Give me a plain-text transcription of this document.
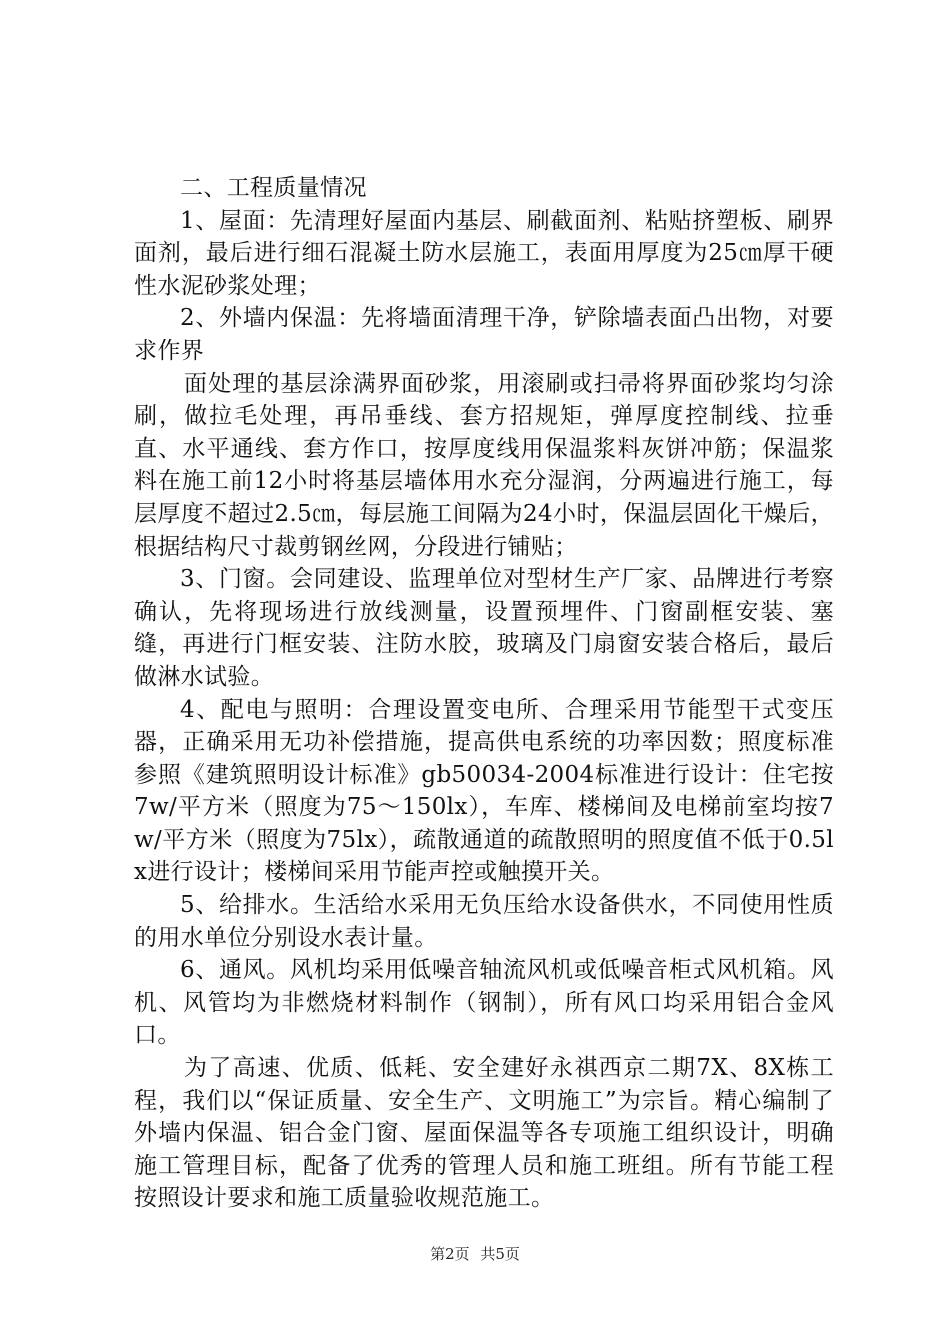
二、工程质量情况

1、屋面：先清理好屋面内基层、刷截面剂、粘贴挤塑板、刷界面剂，最后进行细石混凝土防水层施工，表面用厚度为25㎝厚干硬性水泥砂浆处理；

2、外墙内保温：先将墙面清理干净，铲除墙表面凸出物，对要求作界

面处理的基层涂满界面砂浆，用滚刷或扫帚将界面砂浆均匀涂刷，做拉毛处理，再吊垂线、套方招规矩，弹厚度控制线、拉垂直、水平通线、套方作口，按厚度线用保温浆料灰饼冲筋；保温浆料在施工前12小时将基层墙体用水充分湿润，分两遍进行施工，每层厚度不超过2.5㎝，每层施工间隔为24小时，保温层固化干燥后，根据结构尺寸裁剪钢丝网，分段进行铺贴；

3、门窗。会同建设、监理单位对型材生产厂家、品牌进行考察确认，先将现场进行放线测量，设置预埋件、门窗副框安装、塞缝，再进行门框安装、注防水胶，玻璃及门扇窗安装合格后，最后做淋水试验。

4、配电与照明：合理设置变电所、合理采用节能型干式变压器，正确采用无功补偿措施，提高供电系统的功率因数；照度标准参照《建筑照明设计标准》gb50034-2004标准进行设计：住宅按7w/平方米（照度为75～150lx），车库、楼梯间及电梯前室均按7w/平方米（照度为75lx），疏散通道的疏散照明的照度值不低于0.5lx进行设计；楼梯间采用节能声控或触摸开关。

5、给排水。生活给水采用无负压给水设备供水，不同使用性质的用水单位分别设水表计量。

6、通风。风机均采用低噪音轴流风机或低噪音柜式风机箱。风机、风管均为非燃烧材料制作（钢制），所有风口均采用铝合金风口。

为了高速、优质、低耗、安全建好永祺西京二期7X、8X栋工程，我们以“保证质量、安全生产、文明施工”为宗旨。精心编制了外墙内保温、铝合金门窗、屋面保温等各专项施工组织设计，明确施工管理目标，配备了优秀的管理人员和施工班组。所有节能工程按照设计要求和施工质量验收规范施工。

第2页 共5页
